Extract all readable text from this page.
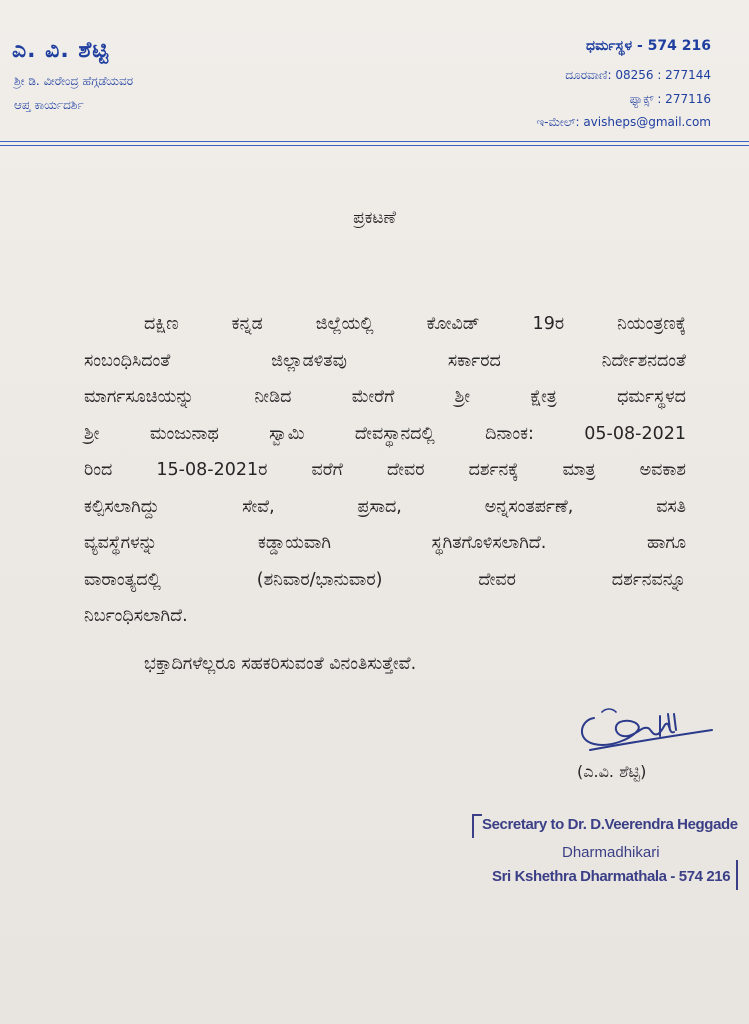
ಎ. ವಿ. ಶೆಟ್ಟಿ
ಶ್ರೀ ಡಿ. ವೀರೇಂದ್ರ ಹೆಗ್ಗಡೆಯವರ
ಆಪ್ತ ಕಾರ್ಯದರ್ಶಿ
ಧರ್ಮಸ್ಥಳ - 574 216
ದೂರವಾಣಿ: 08256 : 277144
ಫ್ಯಾಕ್ಸ್ : 277116
ಇ-ಮೇಲ್: avisheps@gmail.com
ಪ್ರಕಟಣೆ
ದಕ್ಷಿಣ ಕನ್ನಡ ಜಿಲ್ಲೆಯಲ್ಲಿ ಕೋವಿಡ್ 19ರ ನಿಯಂತ್ರಣಕ್ಕೆ
ಸಂಬಂಧಿಸಿದಂತೆ ಜಿಲ್ಲಾಡಳಿತವು ಸರ್ಕಾರದ ನಿರ್ದೇಶನದಂತೆ
ಮಾರ್ಗಸೂಚಿಯನ್ನು ನೀಡಿದ ಮೇರೆಗೆ ಶ್ರೀ ಕ್ಷೇತ್ರ ಧರ್ಮಸ್ಥಳದ
ಶ್ರೀ ಮಂಜುನಾಥ ಸ್ವಾಮಿ ದೇವಸ್ಥಾನದಲ್ಲಿ ದಿನಾಂಕ: 05-08-2021
ರಿಂದ 15-08-2021ರ ವರೆಗೆ ದೇವರ ದರ್ಶನಕ್ಕೆ ಮಾತ್ರ ಅವಕಾಶ
ಕಲ್ಪಿಸಲಾಗಿದ್ದು ಸೇವೆ, ಪ್ರಸಾದ, ಅನ್ನಸಂತರ್ಪಣೆ, ವಸತಿ
ವ್ಯವಸ್ಥೆಗಳನ್ನು ಕಡ್ಡಾಯವಾಗಿ ಸ್ಥಗಿತಗೊಳಿಸಲಾಗಿದೆ. ಹಾಗೂ
ವಾರಾಂತ್ಯದಲ್ಲಿ (ಶನಿವಾರ/ಭಾನುವಾರ) ದೇವರ ದರ್ಶನವನ್ನೂ
ನಿರ್ಬಂಧಿಸಲಾಗಿದೆ.
ಭಕ್ತಾದಿಗಳೆಲ್ಲರೂ ಸಹಕರಿಸುವಂತೆ ವಿನಂತಿಸುತ್ತೇವೆ.
(ಎ.ವಿ. ಶೆಟ್ಟಿ)
Secretary to Dr. D.Veerendra Heggade
Dharmadhikari
Sri Kshethra Dharmathala - 574 216
